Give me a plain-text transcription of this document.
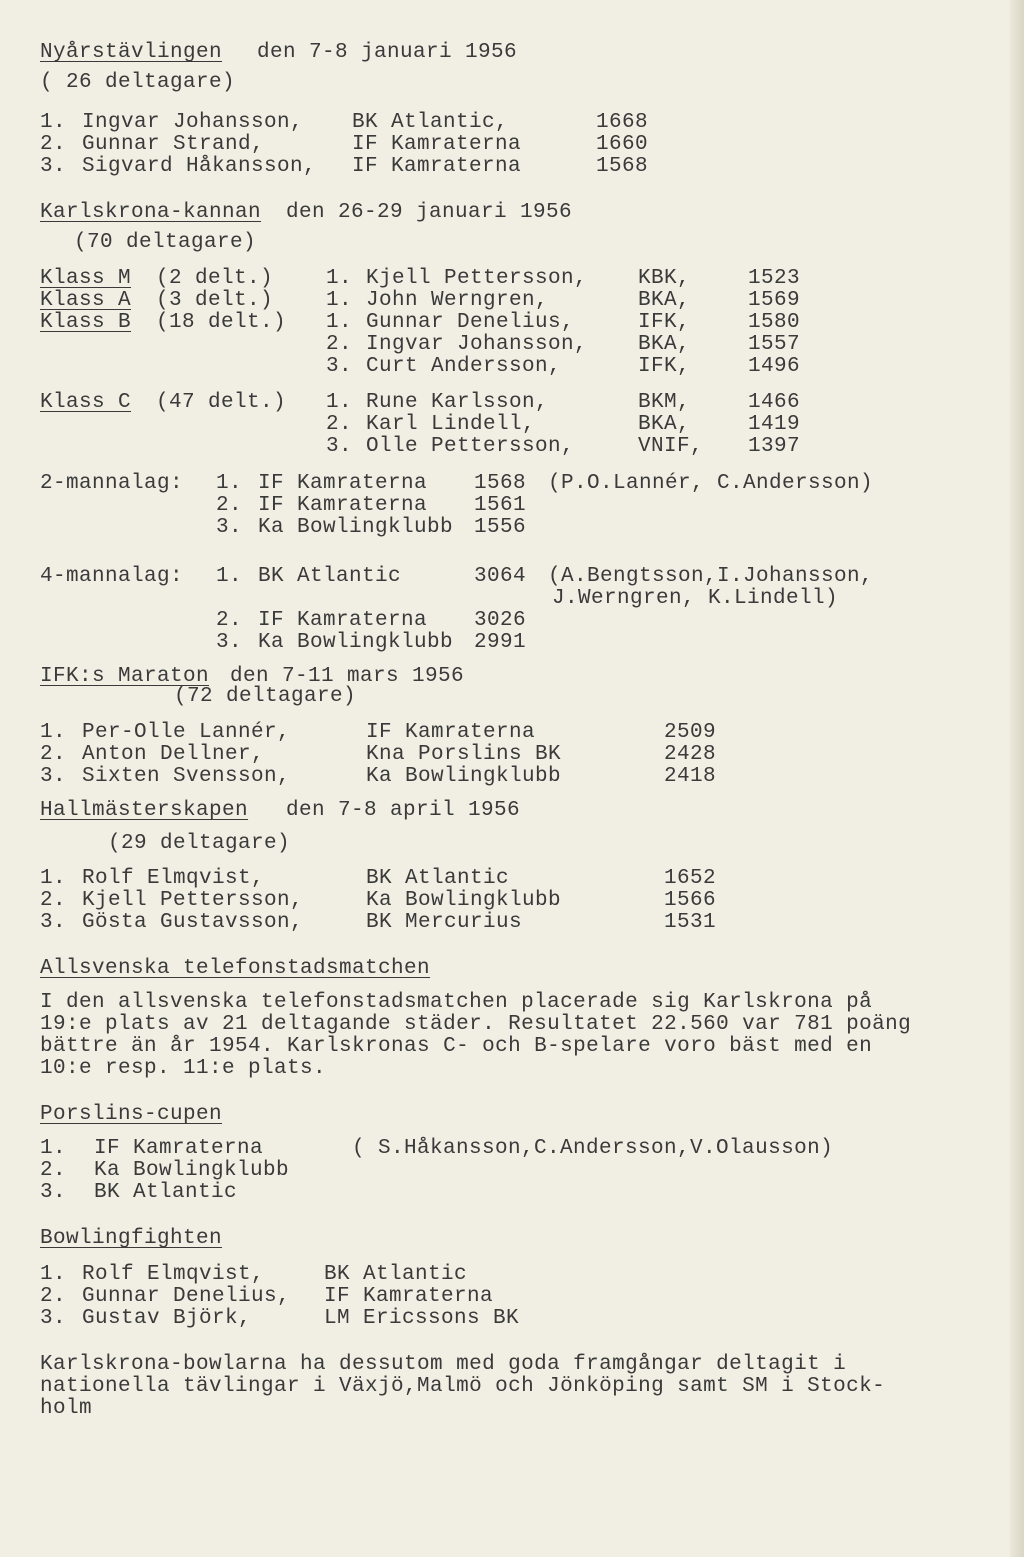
Nyårstävlingen den 7-8 januari 1956
( 26 deltagare)
1. Ingvar Johansson, BK Atlantic,	1668
2. Gunnar Strand,	IF Kamraterna	1660
3. Sigvard Håkansson, IF Kamraterna	1568
Karlskrona-kannan den 26-29 januari 1956
(70 deltagare)
Klass M (2 delt.)	1. Kjell Pettersson, KBK,	1523
Klass A (3 delt.)	1. John Werngren,	BKA,	1569
Klass B (18 delt.) 1. Gunnar Denelius,	IFK,	1580
2. Ingvar Johansson, BKA,	1557
3. Curt Andersson,	IFK,	1496
Klass C (47 delt.) 1. Rune Karlsson,	BKM,	1466
2. Karl Lindell,	BKA,	1419
3. Olle Pettersson,	VNIF, 1397
2-mannalag: 1. IF Kamraterna 1568 (P.O.Lannér, C.Andersson)
2. IF Kamraterna 1561
3. Ka Bowlingklubb 1556
4-mannalag: 1. BK Atlantic	3064 (A.Bengtsson,I.Johansson,
J.Werngren, K.Lindell)
2. IF Kamraterna 3026
3. Ka Bowlingklubb 2991
IFK:s Maraton den 7-11 mars 1956
(72 deltagare)
1. Per-Olle Lannér,	IF Kamraterna	2509
2. Anton Dellner,	Kna Porslins BK	2428
3. Sixten Svensson,	Ka Bowlingklubb	2418
Hallmästerskapen den 7-8 april 1956
(29 deltagare)
1. Rolf Elmqvist,	BK Atlantic	1652
2. Kjell Pettersson,	Ka Bowlingklubb	1566
3. Gösta Gustavsson,	BK Mercurius	1531
Allsvenska telefonstadsmatchen
I den allsvenska telefonstadsmatchen placerade sig Karlskrona på
19:e plats av 21 deltagande städer. Resultatet 22.560 var 781 poäng
bättre än år 1954. Karlskronas C- och B-spelare voro bäst med en
10:e resp. 11:e plats.
Porslins-cupen
1. IF Kamraterna	( S.Håkansson,C.Andersson,V.Olausson)
2. Ka Bowlingklubb
3. BK Atlantic
Bowlingfighten
1. Rolf Elmqvist,	BK Atlantic
2. Gunnar Denelius, IF Kamraterna
3. Gustav Björk,	LM Ericssons BK
Karlskrona-bowlarna ha dessutom med goda framgångar deltagit i
nationella tävlingar i Växjö,Malmö och Jönköping samt SM i Stock-
holm
